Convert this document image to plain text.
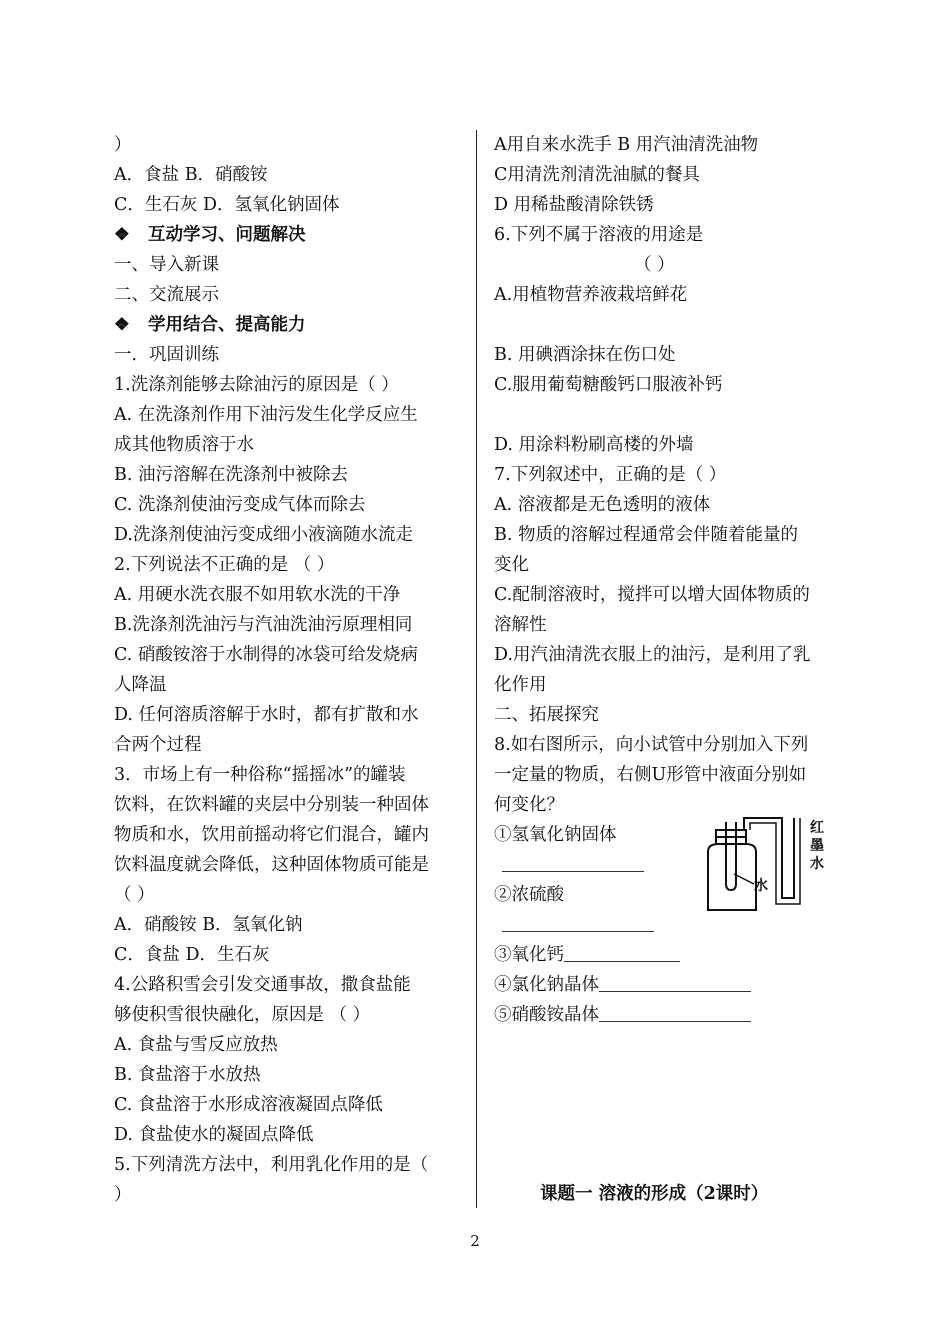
）
A．食盐 B．硝酸铵
C．生石灰 D．氢氧化钠固体
❖ 互动学习、问题解决
一、导入新课
二、交流展示
❖ 学用结合、提高能力
一．巩固训练
1.洗涤剂能够去除油污的原因是（ ）
A. 在洗涤剂作用下油污发生化学反应生
成其他物质溶于水
B. 油污溶解在洗涤剂中被除去
C. 洗涤剂使油污变成气体而除去
D.洗涤剂使油污变成细小液滴随水流走
2.下列说法不正确的是 （ ）
A. 用硬水洗衣服不如用软水洗的干净
B.洗涤剂洗油污与汽油洗油污原理相同
C. 硝酸铵溶于水制得的冰袋可给发烧病
人降温
D. 任何溶质溶解于水时，都有扩散和水
合两个过程
3．市场上有一种俗称“摇摇冰”的罐装
饮料，在饮料罐的夹层中分别装一种固体
物质和水，饮用前摇动将它们混合，罐内
饮料温度就会降低，这种固体物质可能是
（ ）
A．硝酸铵 B．氢氧化钠
C．食盐 D．生石灰
4.公路积雪会引发交通事故，撒食盐能
够使积雪很快融化，原因是 （ ）
A. 食盐与雪反应放热
B. 食盐溶于水放热
C. 食盐溶于水形成溶液凝固点降低
D. 食盐使水的凝固点降低
5.下列清洗方法中，利用乳化作用的是（
）
A用自来水洗手 B 用汽油清洗油物
C用清洗剂清洗油腻的餐具
D 用稀盐酸清除铁锈
6.下列不属于溶液的用途是
（ ）
A.用植物营养液栽培鲜花
B. 用碘酒涂抹在伤口处
C.服用葡萄糖酸钙口服液补钙
D. 用涂料粉刷高楼的外墙
7.下列叙述中，正确的是（ ）
A. 溶液都是无色透明的液体
B. 物质的溶解过程通常会伴随着能量的
变化
C.配制溶液时，搅拌可以增大固体物质的
溶解性
D.用汽油清洗衣服上的油污，是利用了乳
化作用
二、拓展探究
8.如右图所示，向小试管中分别加入下列
一定量的物质，右侧U形管中液面分别如
何变化？
①氢氧化钠固体
②浓硫酸
③氧化钙
④氯化钠晶体
⑤硝酸铵晶体
水
红
墨
水
课题一 溶液的形成（2课时）
2
